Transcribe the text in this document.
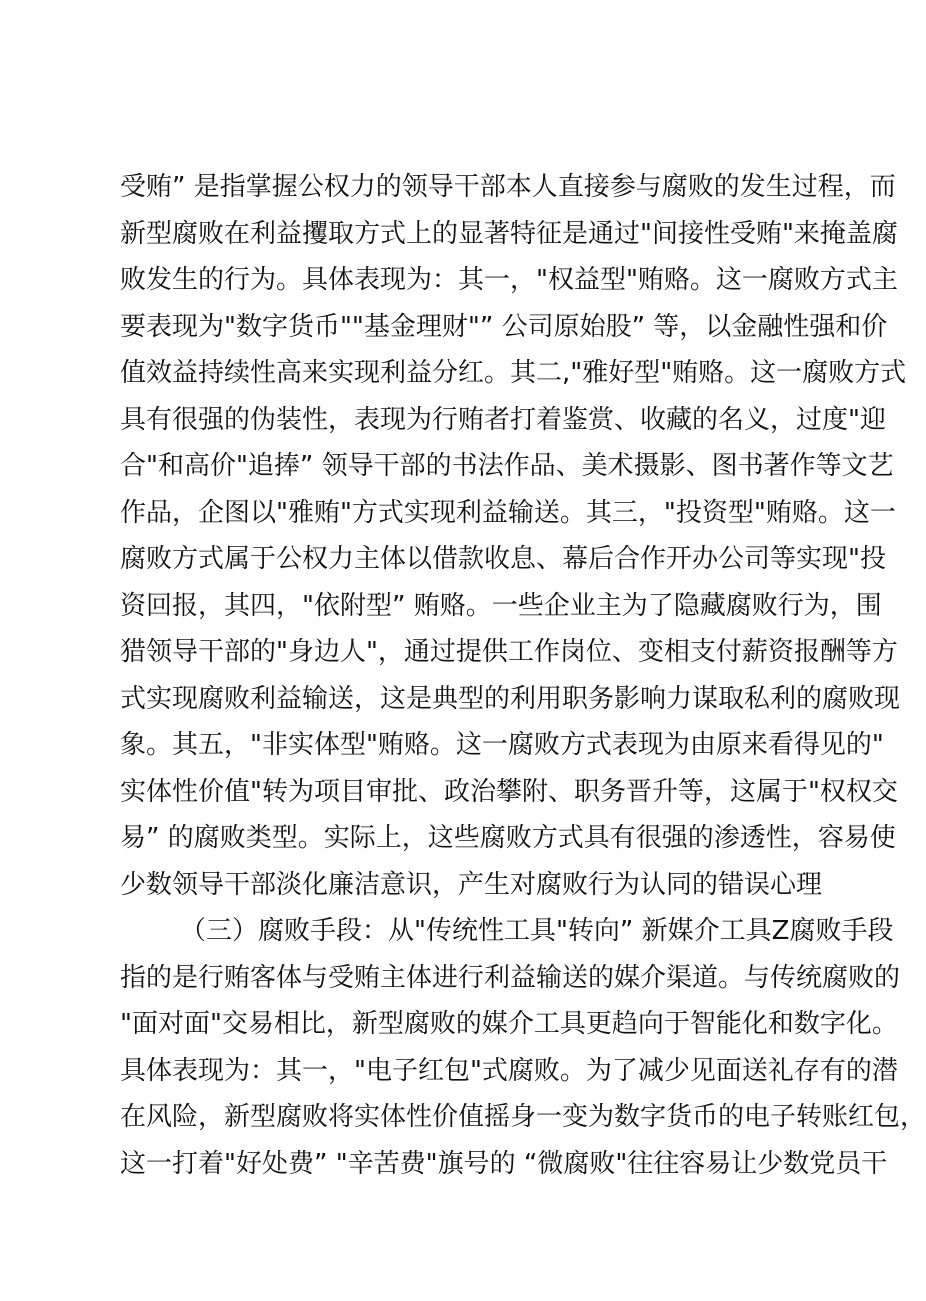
受贿” 是指掌握公权力的领导干部本人直接参与腐败的发生过程，而
新型腐败在利益攫取方式上的显著特征是通过"间接性受贿"来掩盖腐
败发生的行为。具体表现为：其一，"权益型"贿赂。这一腐败方式主
要表现为"数字货币""基金理财"” 公司原始股” 等，以金融性强和价
值效益持续性高来实现利益分红。其二,"雅好型"贿赂。这一腐败方式
具有很强的伪装性，表现为行贿者打着鉴赏、收藏的名义，过度"迎
合"和高价"追捧” 领导干部的书法作品、美术摄影、图书著作等文艺
作品，企图以"雅贿"方式实现利益输送。其三，"投资型"贿赂。这一
腐败方式属于公权力主体以借款收息、幕后合作开办公司等实现"投
资回报，其四，"依附型” 贿赂。一些企业主为了隐藏腐败行为，围
猎领导干部的"身边人"，通过提供工作岗位、变相支付薪资报酬等方
式实现腐败利益输送，这是典型的利用职务影响力谋取私利的腐败现
象。其五，"非实体型"贿赂。这一腐败方式表现为由原来看得见的"
实体性价值"转为项目审批、政治攀附、职务晋升等，这属于"权权交
易” 的腐败类型。实际上，这些腐败方式具有很强的渗透性，容易使
少数领导干部淡化廉洁意识，产生对腐败行为认同的错误心理
（三）腐败手段：从"传统性工具"转向” 新媒介工具Z腐败手段
指的是行贿客体与受贿主体进行利益输送的媒介渠道。与传统腐败的
"面对面"交易相比，新型腐败的媒介工具更趋向于智能化和数字化。
具体表现为：其一，"电子红包"式腐败。为了减少见面送礼存有的潜
在风险，新型腐败将实体性价值摇身一变为数字货币的电子转账红包，
这一打着"好处费” "辛苦费"旗号的 “微腐败"往往容易让少数党员干
